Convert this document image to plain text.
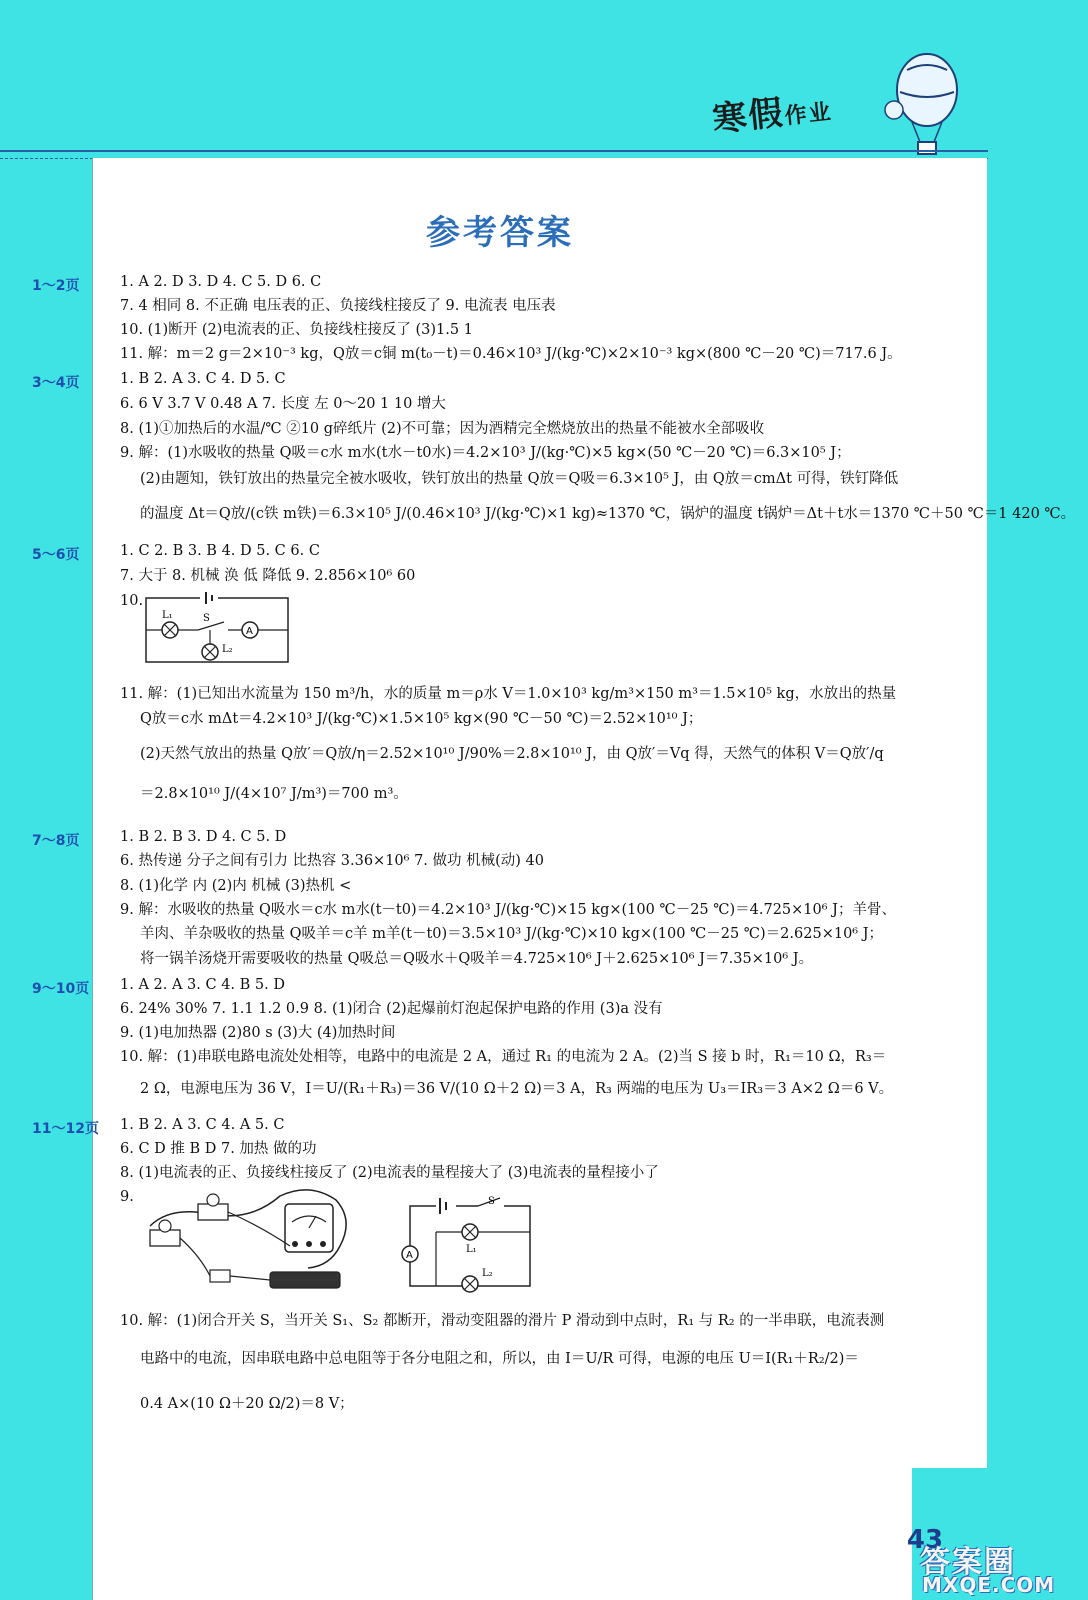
寒假作业
参考答案
1～2页	1. A 2. D 3. D 4. C 5. D 6. C
7. 4 相同 8. 不正确 电压表的正、负接线柱接反了 9. 电流表 电压表
10. (1)断开 (2)电流表的正、负接线柱接反了 (3)1.5 1
11. 解：m＝2 g＝2×10⁻³ kg，Q放＝c铜 m(t₀－t)＝0.46×10³ J/(kg·℃)×2×10⁻³ kg×(800 ℃－20 ℃)＝717.6 J。
3～4页	1. B 2. A 3. C 4. D 5. C
6. 6 V 3.7 V 0.48 A 7. 长度 左 0～20 1 10 增大
8. (1)①加热后的水温/℃ ②10 g碎纸片 (2)不可靠；因为酒精完全燃烧放出的热量不能被水全部吸收
9. 解：(1)水吸收的热量 Q吸＝c水 m水(t水－t0水)＝4.2×10³ J/(kg·℃)×5 kg×(50 ℃－20 ℃)＝6.3×10⁵ J；
(2)由题知，铁钉放出的热量完全被水吸收，铁钉放出的热量 Q放＝Q吸＝6.3×10⁵ J，由 Q放＝cmΔt 可得，铁钉降低
的温度 Δt＝Q放/(c铁 m铁)＝6.3×10⁵ J/(0.46×10³ J/(kg·℃)×1 kg)≈1370 ℃，锅炉的温度 t锅炉＝Δt＋t水＝1370 ℃＋50 ℃＝1 420 ℃。
5～6页	1. C 2. B 3. B 4. D 5. C 6. C
7. 大于 8. 机械 涣 低 降低 9. 2.856×10⁶ 60
10.
L₁	S
A
L₂
11. 解：(1)已知出水流量为 150 m³/h，水的质量 m＝ρ水 V＝1.0×10³ kg/m³×150 m³＝1.5×10⁵ kg，水放出的热量
Q放＝c水 mΔt＝4.2×10³ J/(kg·℃)×1.5×10⁵ kg×(90 ℃－50 ℃)＝2.52×10¹⁰ J；
(2)天然气放出的热量 Q放′＝Q放/η＝2.52×10¹⁰ J/90%＝2.8×10¹⁰ J，由 Q放′＝Vq 得，天然气的体积 V＝Q放′/q
＝2.8×10¹⁰ J/(4×10⁷ J/m³)＝700 m³。
7～8页	1. B 2. B 3. D 4. C 5. D
6. 热传递 分子之间有引力 比热容 3.36×10⁶ 7. 做功 机械(动) 40
8. (1)化学 内 (2)内 机械 (3)热机 <
9. 解：水吸收的热量 Q吸水＝c水 m水(t－t0)＝4.2×10³ J/(kg·℃)×15 kg×(100 ℃－25 ℃)＝4.725×10⁶ J；羊骨、
羊肉、羊杂吸收的热量 Q吸羊＝c羊 m羊(t－t0)＝3.5×10³ J/(kg·℃)×10 kg×(100 ℃－25 ℃)＝2.625×10⁶ J；
将一锅羊汤烧开需要吸收的热量 Q吸总＝Q吸水＋Q吸羊＝4.725×10⁶ J＋2.625×10⁶ J＝7.35×10⁶ J。
9～10页	1. A 2. A 3. C 4. B 5. D
6. 24% 30% 7. 1.1 1.2 0.9 8. (1)闭合 (2)起爆前灯泡起保护电路的作用 (3)a 没有
9. (1)电加热器 (2)80 s (3)大 (4)加热时间
10. 解：(1)串联电路电流处处相等，电路中的电流是 2 A，通过 R₁ 的电流为 2 A。(2)当 S 接 b 时，R₁＝10 Ω，R₃＝
2 Ω，电源电压为 36 V，I＝U/(R₁＋R₃)＝36 V/(10 Ω＋2 Ω)＝3 A，R₃ 两端的电压为 U₃＝IR₃＝3 A×2 Ω＝6 V。
11～12页	1. B 2. A 3. C 4. A 5. C
6. C D 推 B D 7. 加热 做的功
8. (1)电流表的正、负接线柱接反了 (2)电流表的量程接大了 (3)电流表的量程接小了
9.	S
A
L₁
L₂
10. 解：(1)闭合开关 S，当开关 S₁、S₂ 都断开，滑动变阻器的滑片 P 滑动到中点时，R₁ 与 R₂ 的一半串联，电流表测
电路中的电流，因串联电路中总电阻等于各分电阻之和，所以，由 I＝U/R 可得，电源的电压 U＝I(R₁＋R₂/2)＝
0.4 A×(10 Ω＋20 Ω/2)＝8 V；
43
答案圈
MXQE.COM
